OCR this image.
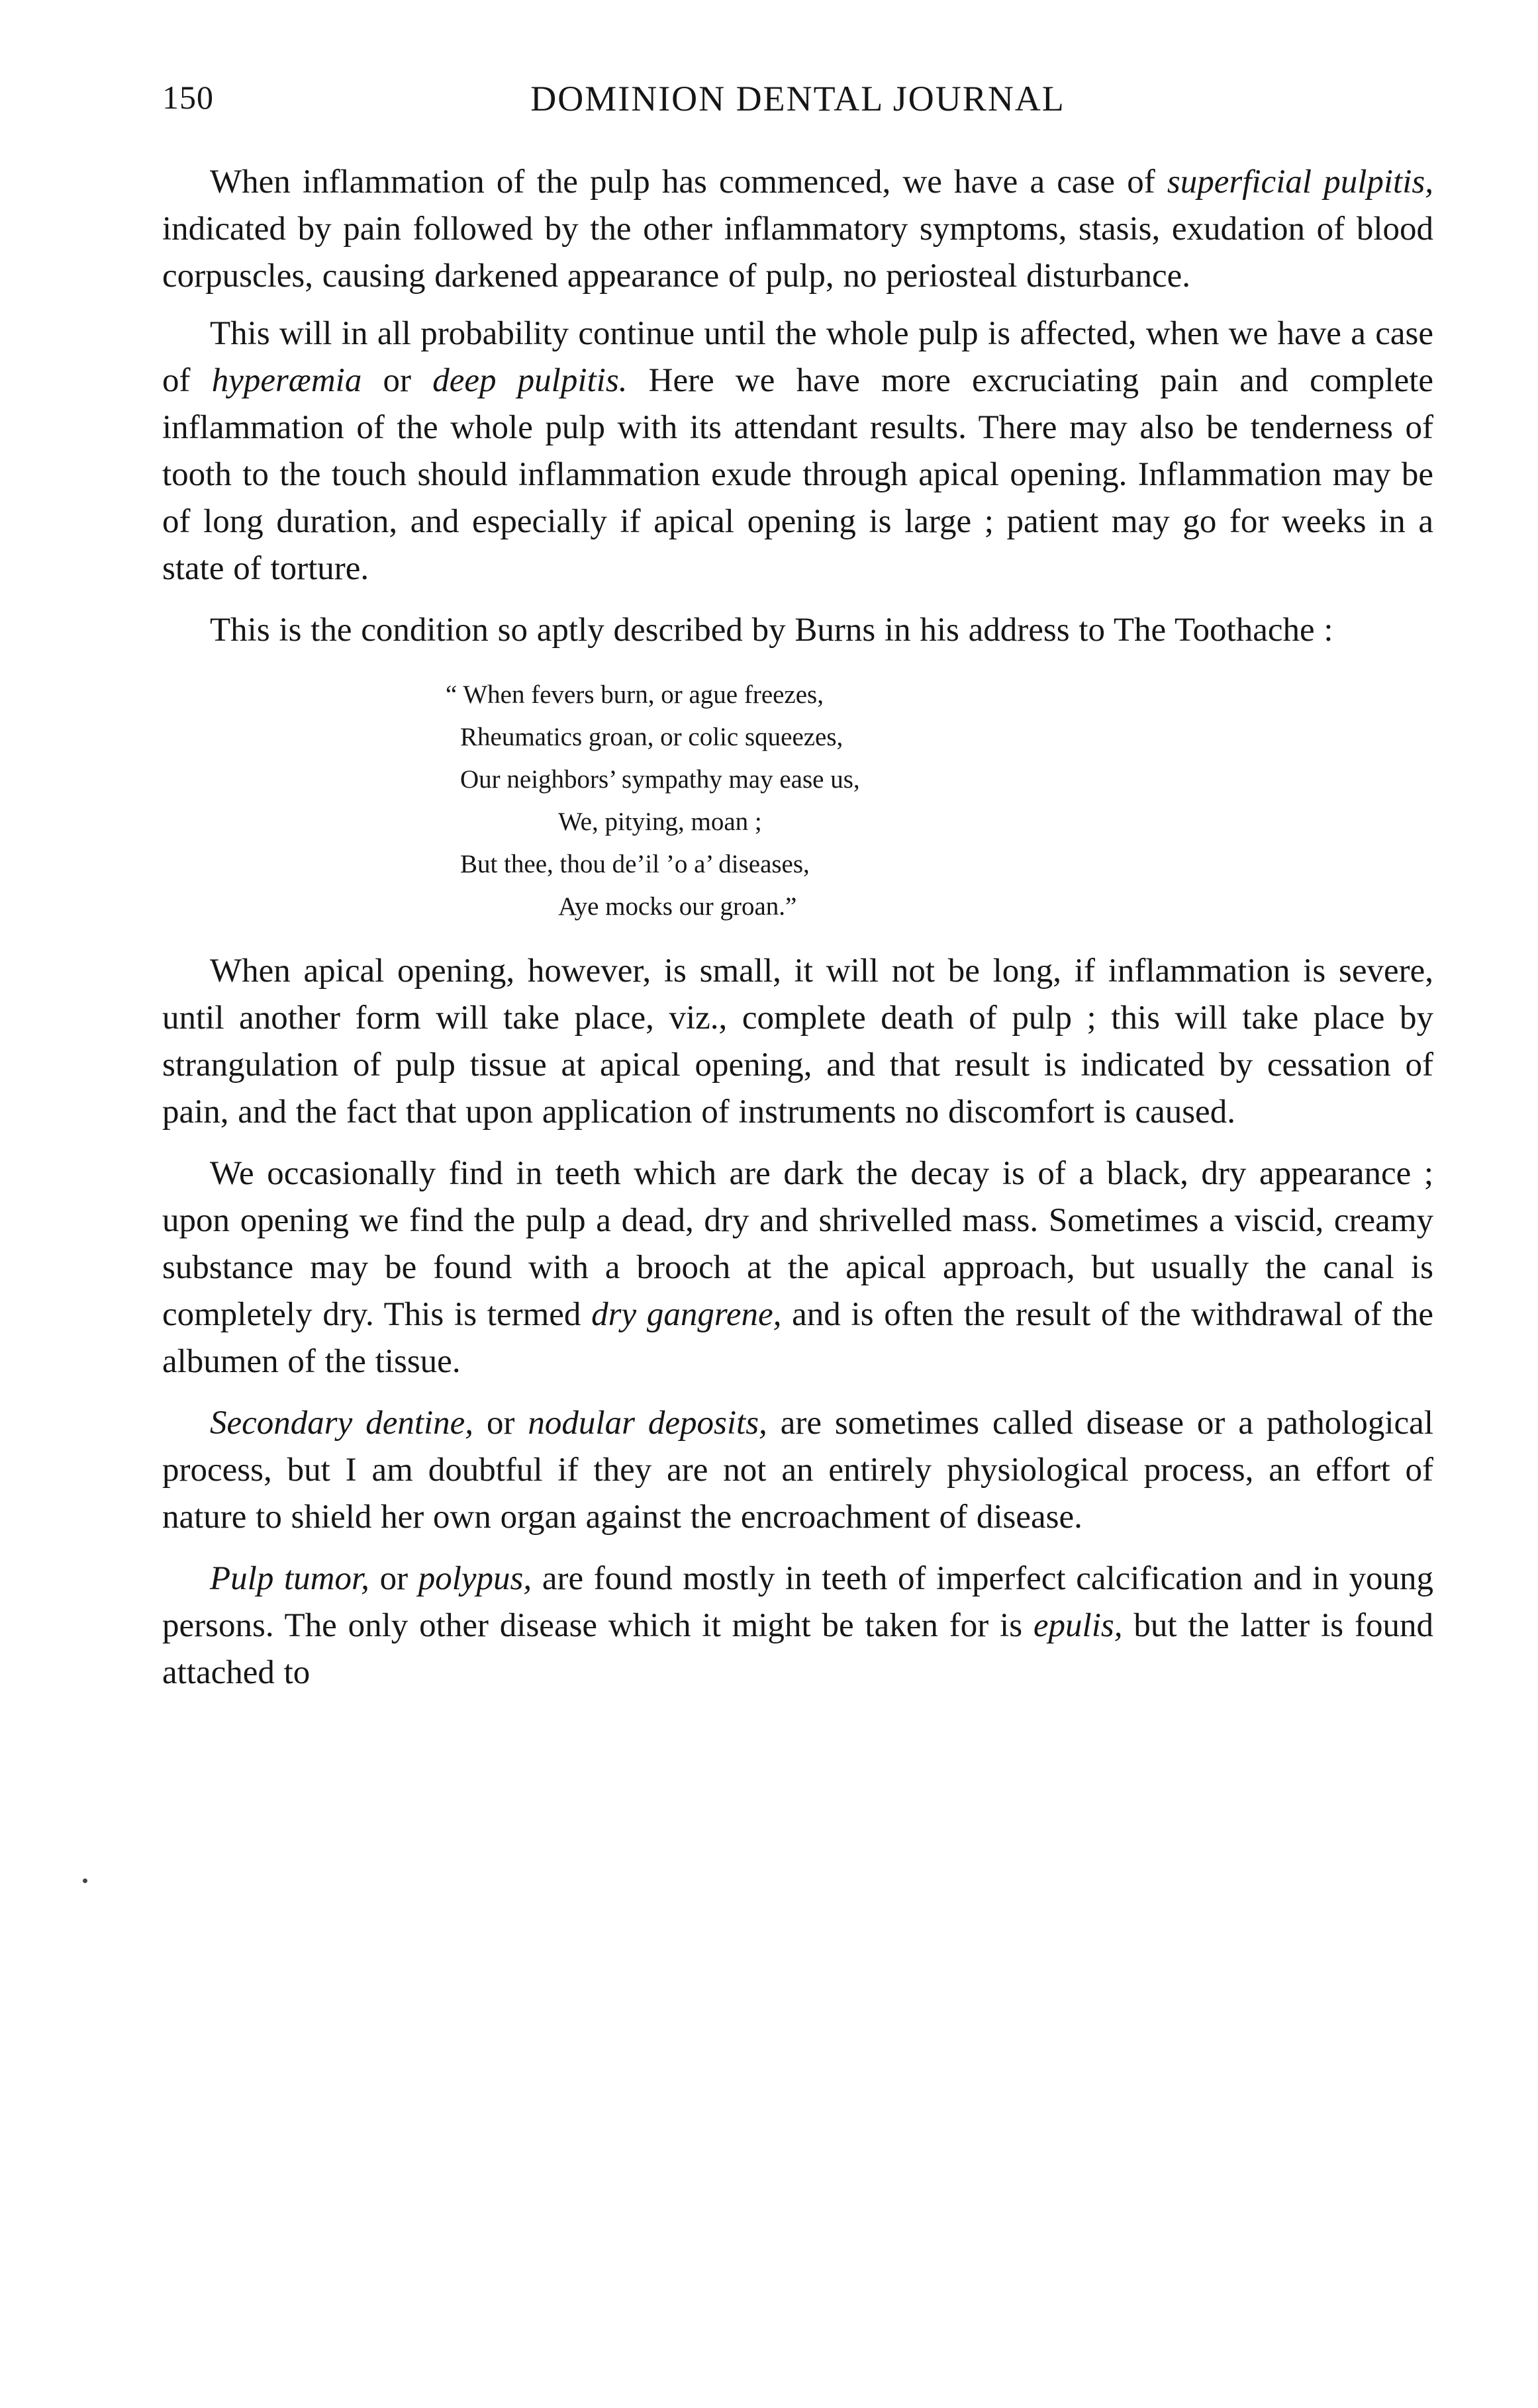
150	DOMINION DENTAL JOURNAL

When inflammation of the pulp has commenced, we have a case of superficial pulpitis, indicated by pain followed by the other inflammatory symptoms, stasis, exudation of blood corpuscles, causing darkened appearance of pulp, no periosteal disturbance.

This will in all probability continue until the whole pulp is affected, when we have a case of hyperæmia or deep pulpitis. Here we have more excruciating pain and complete inflammation of the whole pulp with its attendant results. There may also be tenderness of tooth to the touch should inflammation exude through apical opening. Inflammation may be of long duration, and especially if apical opening is large ; patient may go for weeks in a state of torture.

This is the condition so aptly described by Burns in his address to The Toothache :

“ When fevers burn, or ague freezes,
Rheumatics groan, or colic squeezes,
Our neighbors’ sympathy may ease us,
We, pitying, moan ;
But thee, thou de’il ’o a’ diseases,
Aye mocks our groan.”

When apical opening, however, is small, it will not be long, if inflammation is severe, until another form will take place, viz., complete death of pulp ; this will take place by strangulation of pulp tissue at apical opening, and that result is indicated by cessation of pain, and the fact that upon application of instruments no discomfort is caused.

We occasionally find in teeth which are dark the decay is of a black, dry appearance ; upon opening we find the pulp a dead, dry and shrivelled mass. Sometimes a viscid, creamy substance may be found with a brooch at the apical approach, but usually the canal is completely dry. This is termed dry gangrene, and is often the result of the withdrawal of the albumen of the tissue.

Secondary dentine, or nodular deposits, are sometimes called disease or a pathological process, but I am doubtful if they are not an entirely physiological process, an effort of nature to shield her own organ against the encroachment of disease.

Pulp tumor, or polypus, are found mostly in teeth of imperfect calcification and in young persons. The only other disease which it might be taken for is epulis, but the latter is found attached to
